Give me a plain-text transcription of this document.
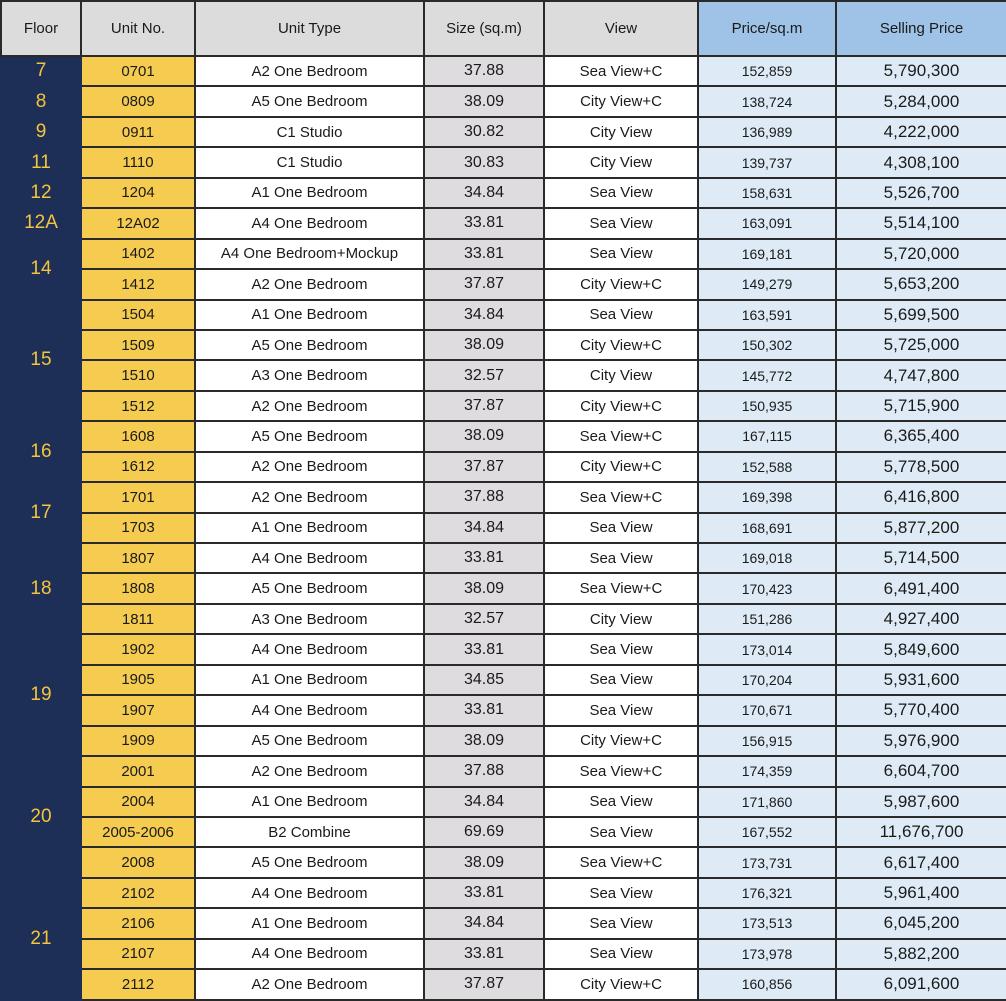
Floor	Unit No.	Unit Type	Size (sq.m)	View	Price/sq.m	Selling Price
7	0701	A2 One Bedroom	37.88	Sea View+C	152,859	5,790,300
8	0809	A5 One Bedroom	38.09	City View+C	138,724	5,284,000
9	0911	C1 Studio	30.82	City View	136,989	4,222,000
11	1110	C1 Studio	30.83	City View	139,737	4,308,100
12	1204	A1 One Bedroom	34.84	Sea View	158,631	5,526,700
12A	12A02	A4 One Bedroom	33.81	Sea View	163,091	5,514,100
14	1402	A4 One Bedroom+Mockup	33.81	Sea View	169,181	5,720,000
	1412	A2 One Bedroom	37.87	City View+C	149,279	5,653,200
15	1504	A1 One Bedroom	34.84	Sea View	163,591	5,699,500
	1509	A5 One Bedroom	38.09	City View+C	150,302	5,725,000
	1510	A3 One Bedroom	32.57	City View	145,772	4,747,800
	1512	A2 One Bedroom	37.87	City View+C	150,935	5,715,900
16	1608	A5 One Bedroom	38.09	Sea View+C	167,115	6,365,400
	1612	A2 One Bedroom	37.87	City View+C	152,588	5,778,500
17	1701	A2 One Bedroom	37.88	Sea View+C	169,398	6,416,800
	1703	A1 One Bedroom	34.84	Sea View	168,691	5,877,200
18	1807	A4 One Bedroom	33.81	Sea View	169,018	5,714,500
	1808	A5 One Bedroom	38.09	Sea View+C	170,423	6,491,400
	1811	A3 One Bedroom	32.57	City View	151,286	4,927,400
19	1902	A4 One Bedroom	33.81	Sea View	173,014	5,849,600
	1905	A1 One Bedroom	34.85	Sea View	170,204	5,931,600
	1907	A4 One Bedroom	33.81	Sea View	170,671	5,770,400
	1909	A5 One Bedroom	38.09	City View+C	156,915	5,976,900
20	2001	A2 One Bedroom	37.88	Sea View+C	174,359	6,604,700
	2004	A1 One Bedroom	34.84	Sea View	171,860	5,987,600
	2005-2006	B2 Combine	69.69	Sea View	167,552	11,676,700
	2008	A5 One Bedroom	38.09	Sea View+C	173,731	6,617,400
21	2102	A4 One Bedroom	33.81	Sea View	176,321	5,961,400
	2106	A1 One Bedroom	34.84	Sea View	173,513	6,045,200
	2107	A4 One Bedroom	33.81	Sea View	173,978	5,882,200
	2112	A2 One Bedroom	37.87	City View+C	160,856	6,091,600
